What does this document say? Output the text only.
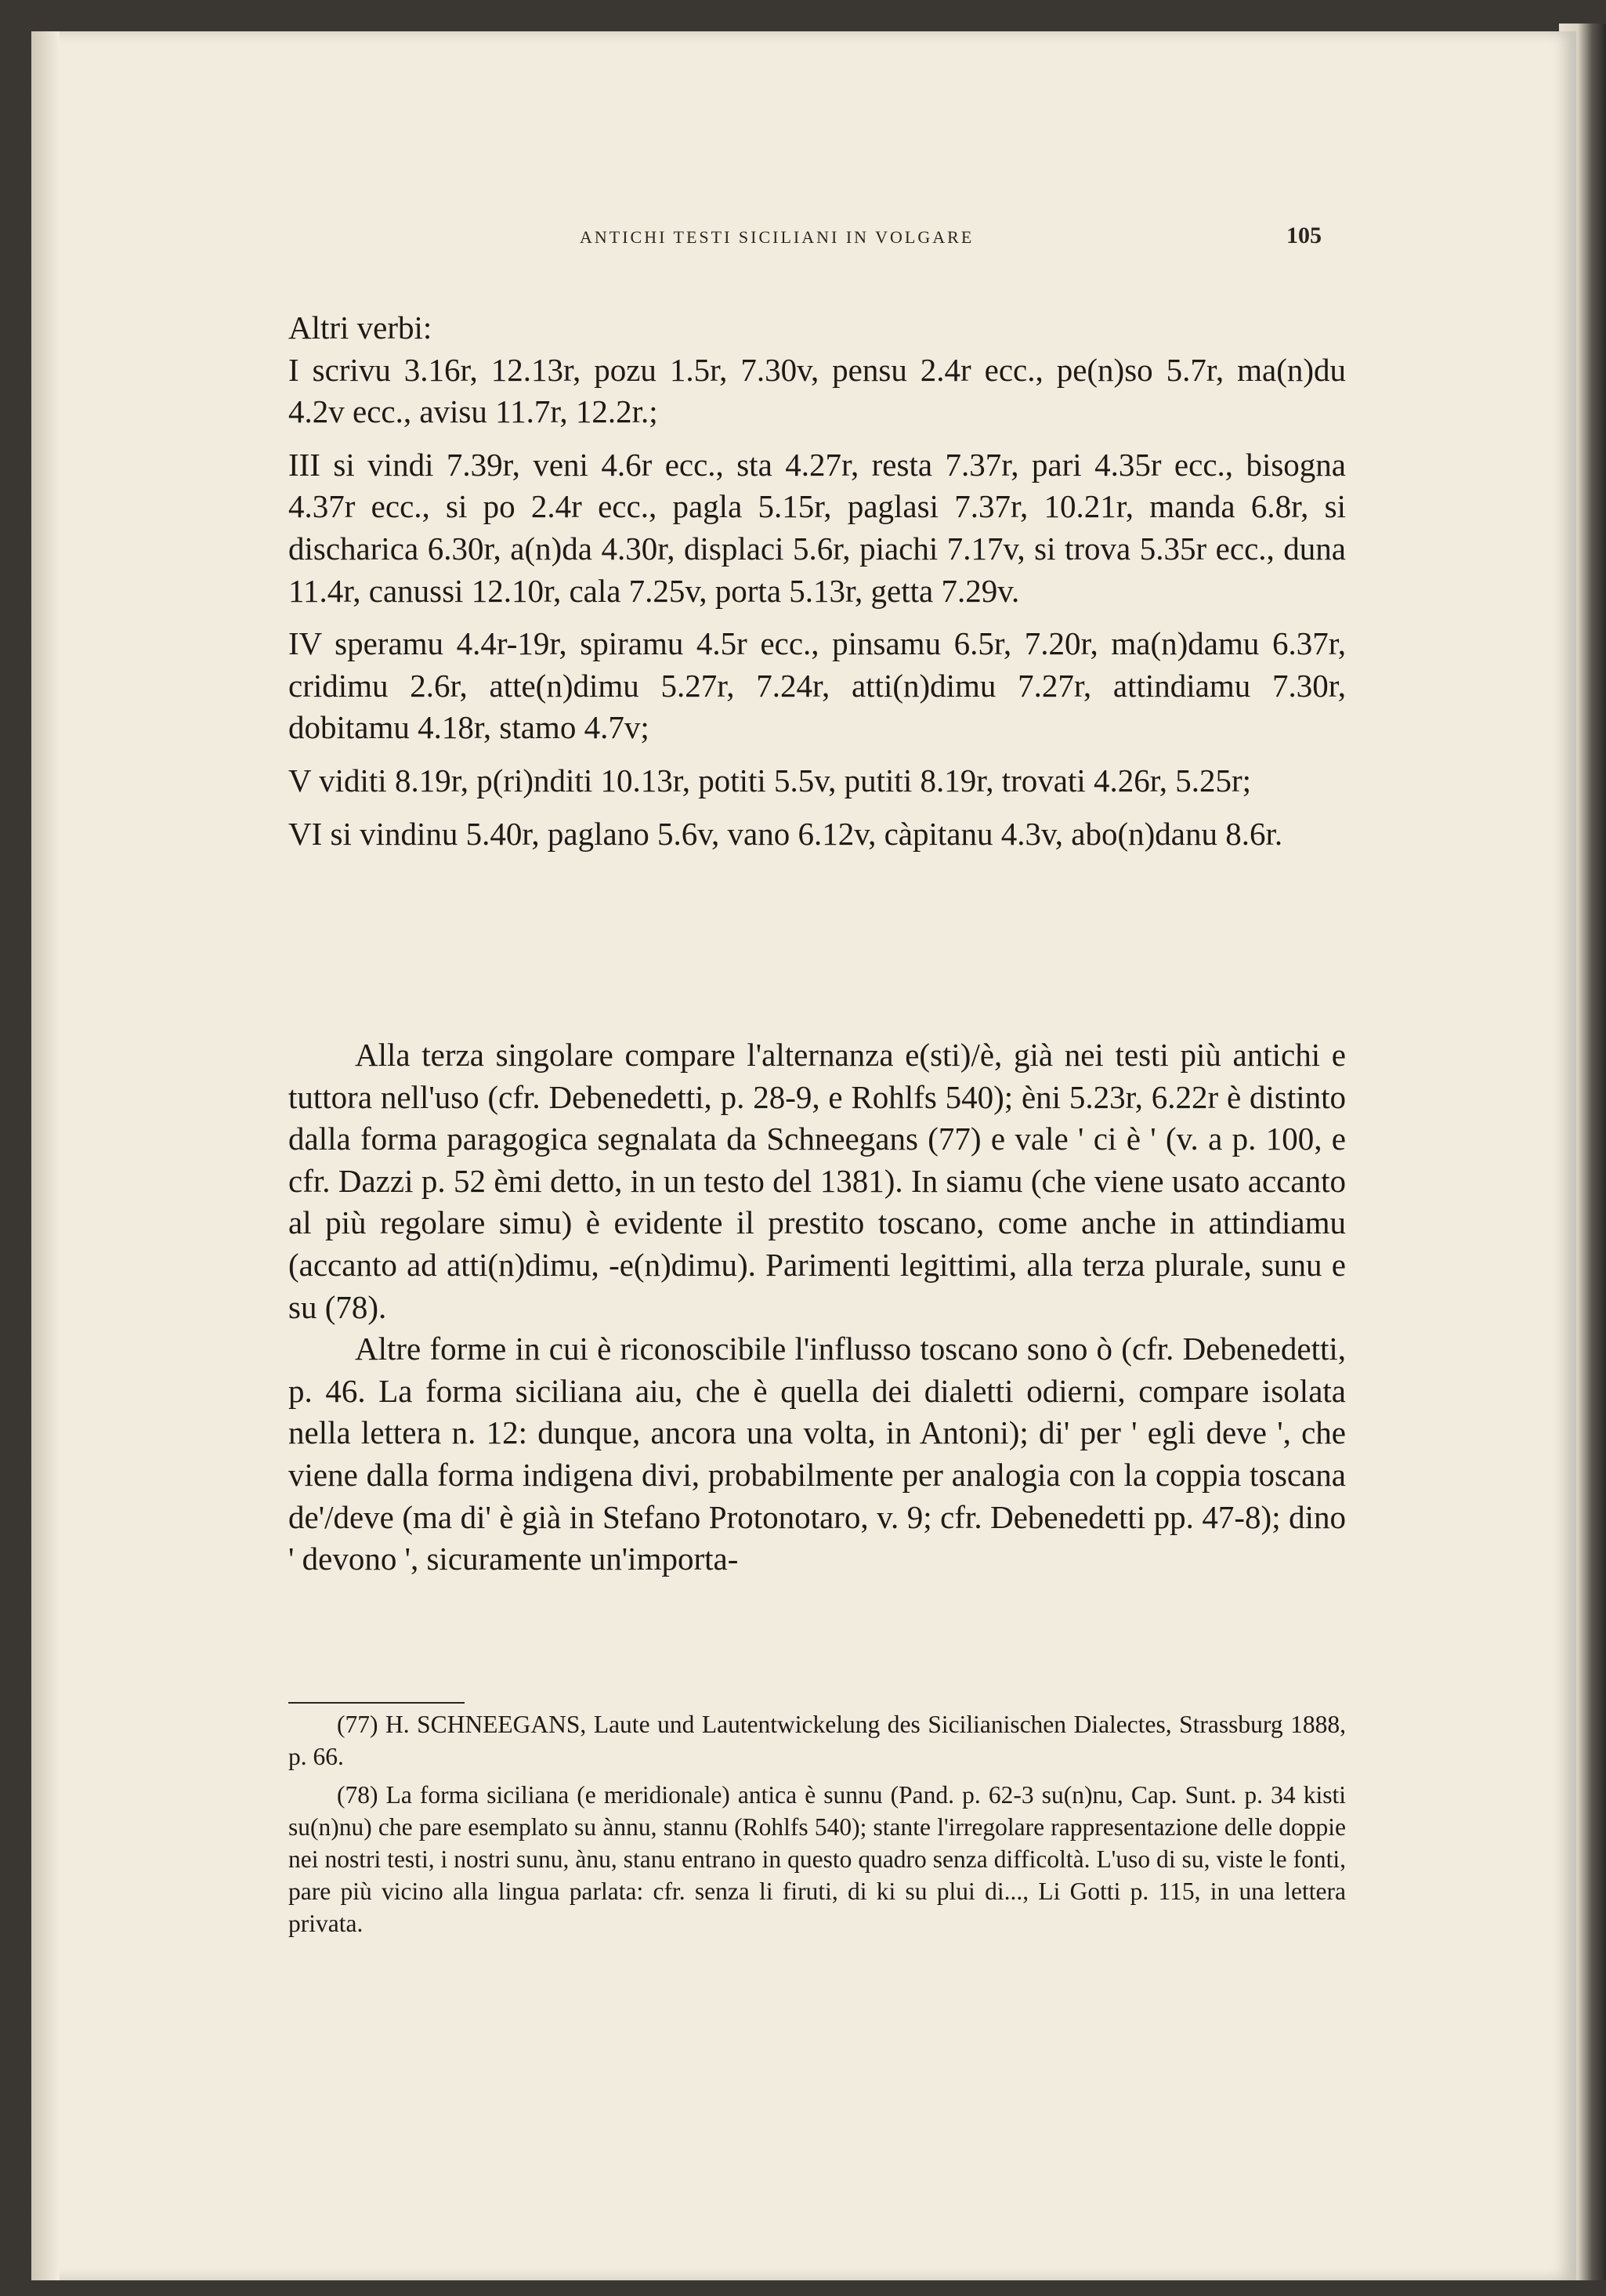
ANTICHI TESTI SICILIANI IN VOLGARE	105

Altri verbi:

I scrivu 3.16r, 12.13r, pozu 1.5r, 7.30v, pensu 2.4r ecc., pe(n)so 5.7r, ma(n)du 4.2v ecc., avisu 11.7r, 12.2r.;

III si vindi 7.39r, veni 4.6r ecc., sta 4.27r, resta 7.37r, pari 4.35r ecc., bisogna 4.37r ecc., si po 2.4r ecc., pagla 5.15r, paglasi 7.37r, 10.21r, manda 6.8r, si discharica 6.30r, a(n)da 4.30r, displaci 5.6r, piachi 7.17v, si trova 5.35r ecc., duna 11.4r, canussi 12.10r, cala 7.25v, porta 5.13r, getta 7.29v.

IV speramu 4.4r-19r, spiramu 4.5r ecc., pinsamu 6.5r, 7.20r, ma(n)damu 6.37r, cridimu 2.6r, atte(n)dimu 5.27r, 7.24r, atti(n)dimu 7.27r, attindiamu 7.30r, dobitamu 4.18r, stamo 4.7v;

V viditi 8.19r, p(ri)nditi 10.13r, potiti 5.5v, putiti 8.19r, trovati 4.26r, 5.25r;

VI si vindinu 5.40r, paglano 5.6v, vano 6.12v, càpitanu 4.3v, abo(n)danu 8.6r.

Alla terza singolare compare l'alternanza e(sti)/è, già nei testi più antichi e tuttora nell'uso (cfr. Debenedetti, p. 28-9, e Rohlfs 540); èni 5.23r, 6.22r è distinto dalla forma paragogica segnalata da Schneegans (77) e vale ' ci è ' (v. a p. 100, e cfr. Dazzi p. 52 èmi detto, in un testo del 1381). In siamu (che viene usato accanto al più regolare simu) è evidente il prestito toscano, come anche in attindiamu (accanto ad atti(n)dimu, -e(n)dimu). Parimenti legittimi, alla terza plurale, sunu e su (78).

Altre forme in cui è riconoscibile l'influsso toscano sono ò (cfr. Debenedetti, p. 46. La forma siciliana aiu, che è quella dei dialetti odierni, compare isolata nella lettera n. 12: dunque, ancora una volta, in Antoni); di' per ' egli deve ', che viene dalla forma indigena divi, probabilmente per analogia con la coppia toscana de'/deve (ma di' è già in Stefano Protonotaro, v. 9; cfr. Debenedetti pp. 47-8); dino ' devono ', sicuramente un'importa-

(77) H. SCHNEEGANS, Laute und Lautentwickelung des Sicilianischen Dialectes, Strassburg 1888, p. 66.

(78) La forma siciliana (e meridionale) antica è sunnu (Pand. p. 62-3 su(n)nu, Cap. Sunt. p. 34 kisti su(n)nu) che pare esemplato su ànnu, stannu (Rohlfs 540); stante l'irregolare rappresentazione delle doppie nei nostri testi, i nostri sunu, ànu, stanu entrano in questo quadro senza difficoltà. L'uso di su, viste le fonti, pare più vicino alla lingua parlata: cfr. senza li firuti, di ki su plui di..., Li Gotti p. 115, in una lettera privata.
